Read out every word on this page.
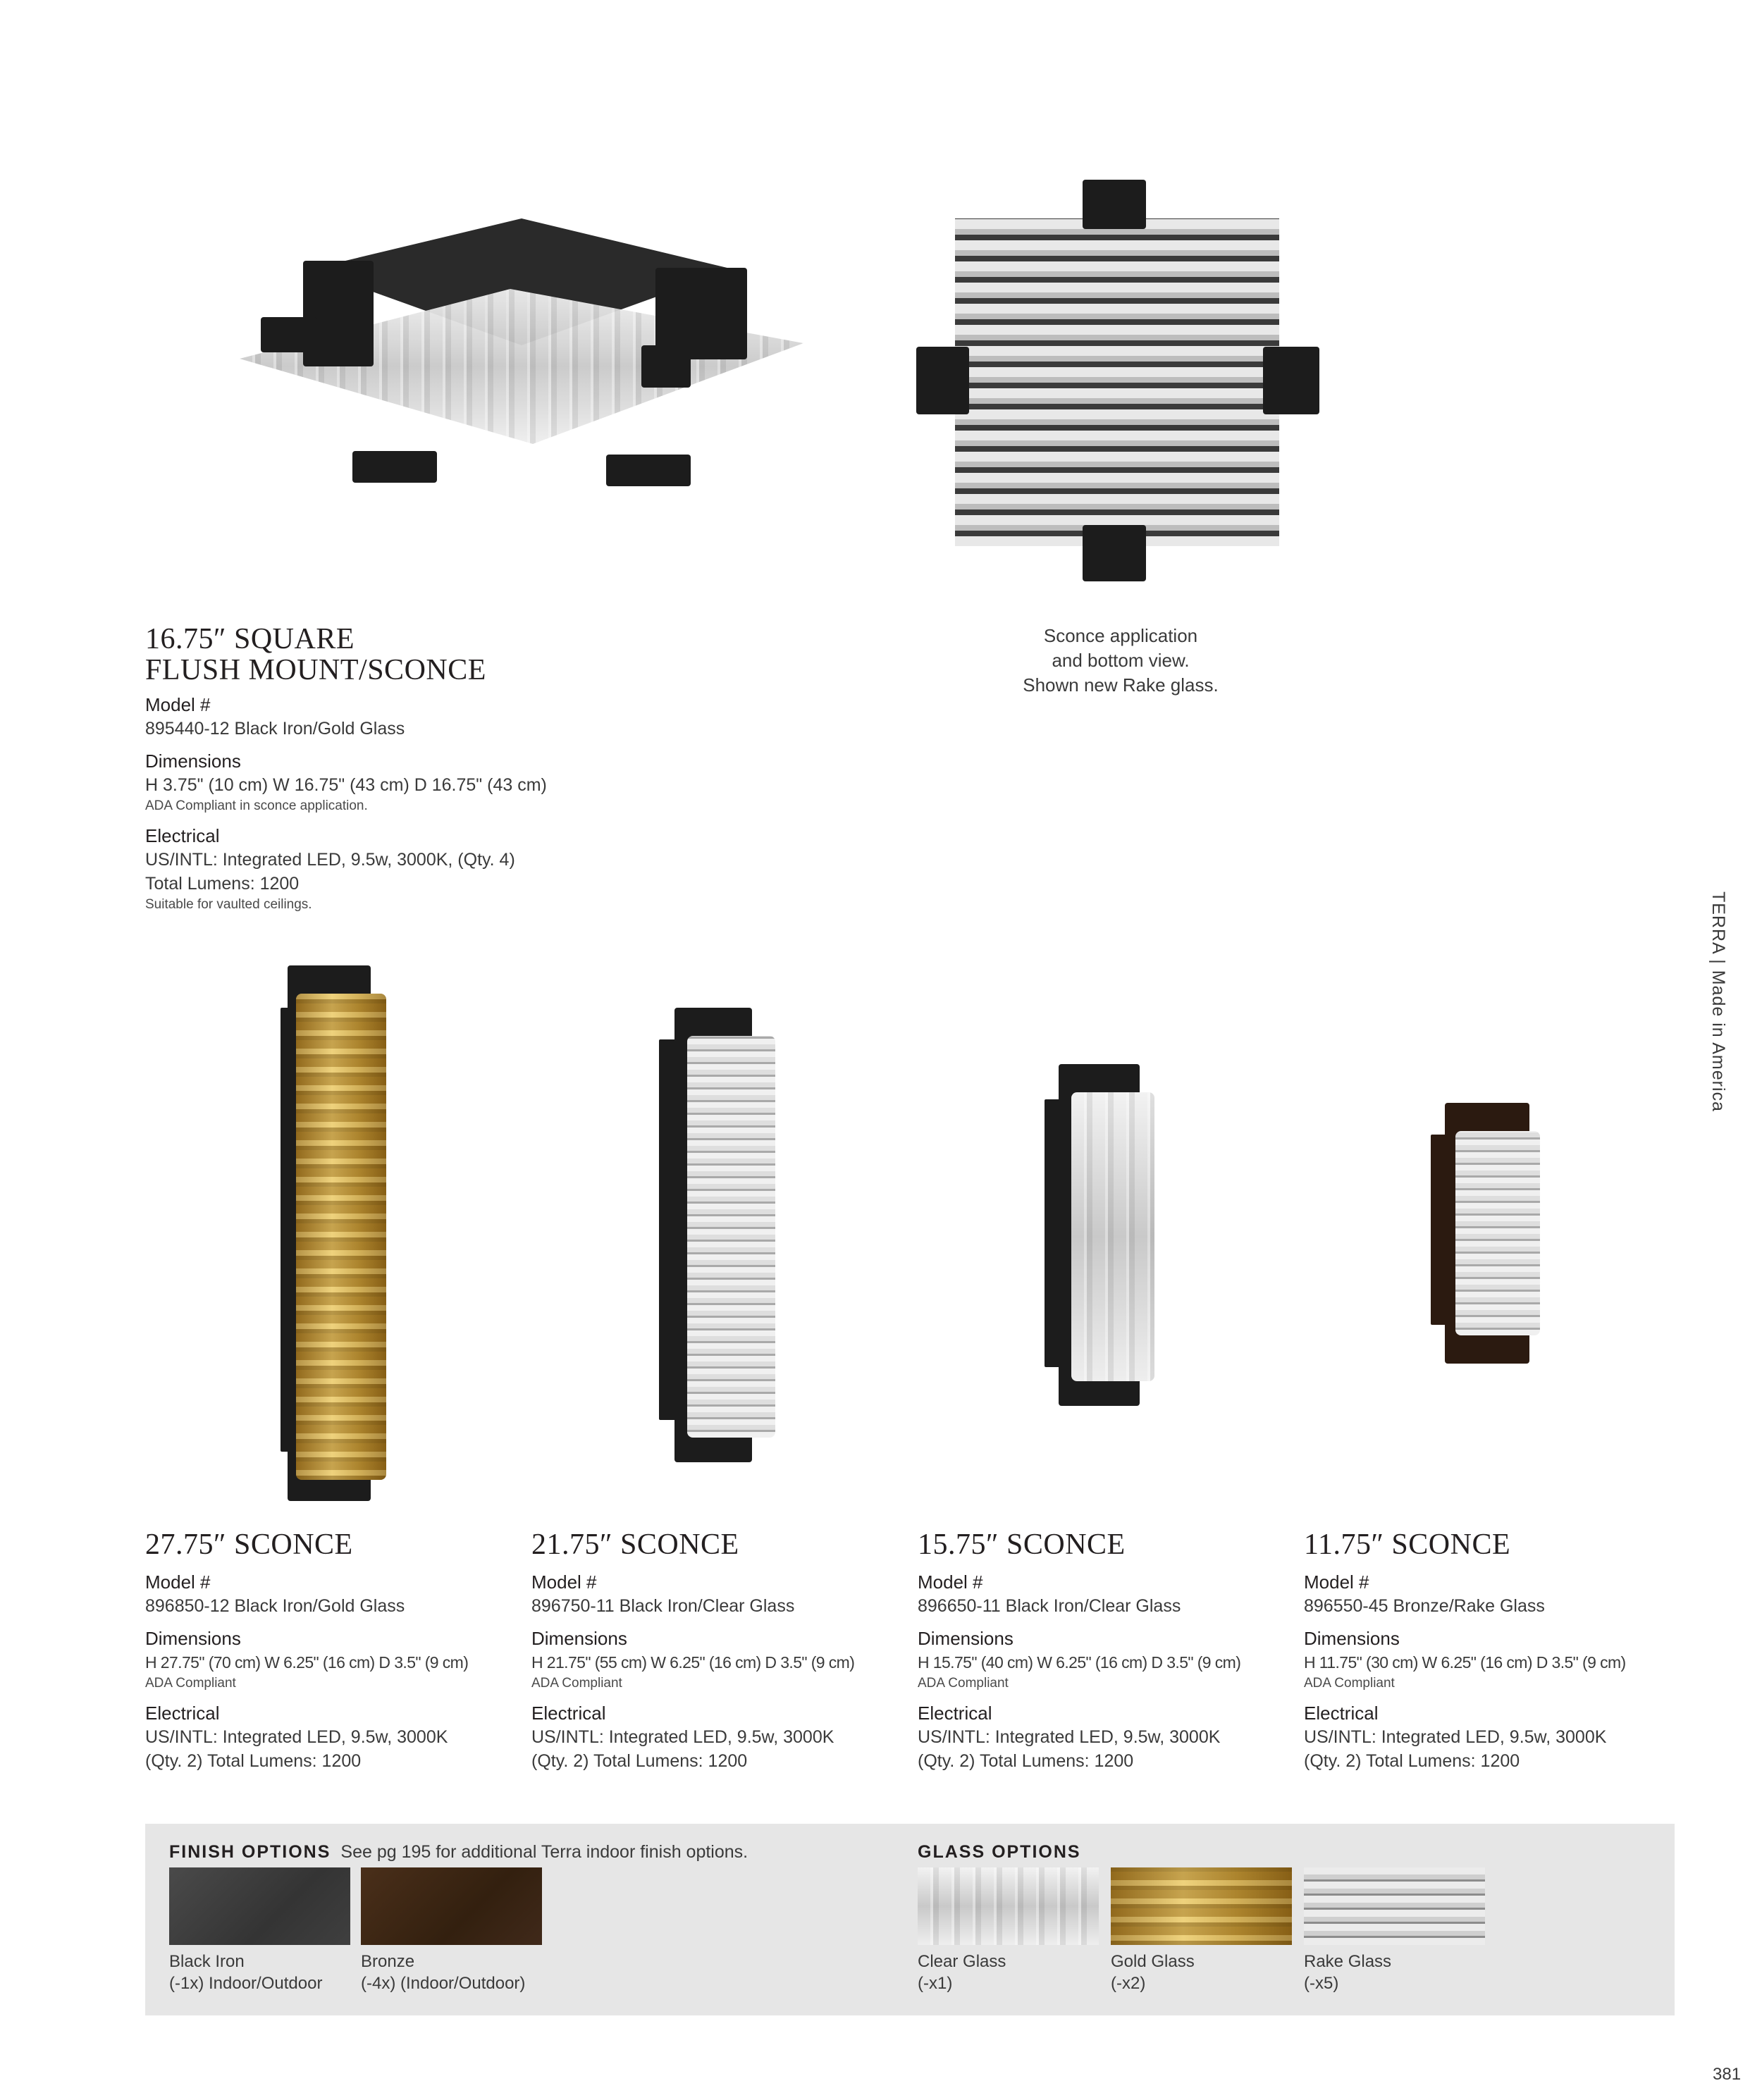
16.75″ SQUARE
FLUSH MOUNT/SCONCE
Model #
895440-12 Black Iron/Gold Glass
Dimensions
H 3.75" (10 cm) W 16.75" (43 cm) D 16.75" (43 cm)
ADA Compliant in sconce application.
Electrical
US/INTL: Integrated LED, 9.5w, 3000K, (Qty. 4)
Total Lumens: 1200
Suitable for vaulted ceilings.
Sconce application
and bottom view.
Shown new Rake glass.
TERRA | Made in America
27.75″ SCONCE
Model #
896850-12 Black Iron/Gold Glass
Dimensions
H 27.75" (70 cm) W 6.25" (16 cm) D 3.5" (9 cm)
ADA Compliant
Electrical
US/INTL: Integrated LED, 9.5w, 3000K
(Qty. 2) Total Lumens: 1200
21.75″ SCONCE
Model #
896750-11 Black Iron/Clear Glass
Dimensions
H 21.75" (55 cm) W 6.25" (16 cm) D 3.5" (9 cm)
ADA Compliant
Electrical
US/INTL: Integrated LED, 9.5w, 3000K
(Qty. 2) Total Lumens: 1200
15.75″ SCONCE
Model #
896650-11 Black Iron/Clear Glass
Dimensions
H 15.75" (40 cm) W 6.25" (16 cm) D 3.5" (9 cm)
ADA Compliant
Electrical
US/INTL: Integrated LED, 9.5w, 3000K
(Qty. 2) Total Lumens: 1200
11.75″ SCONCE
Model #
896550-45 Bronze/Rake Glass
Dimensions
H 11.75" (30 cm) W 6.25" (16 cm) D 3.5" (9 cm)
ADA Compliant
Electrical
US/INTL: Integrated LED, 9.5w, 3000K
(Qty. 2) Total Lumens: 1200
FINISH OPTIONS See pg 195 for additional Terra indoor finish options.
Black Iron
(-1x) Indoor/Outdoor
Bronze
(-4x) (Indoor/Outdoor)
GLASS OPTIONS
Clear Glass
(-x1)
Gold Glass
(-x2)
Rake Glass
(-x5)
381
